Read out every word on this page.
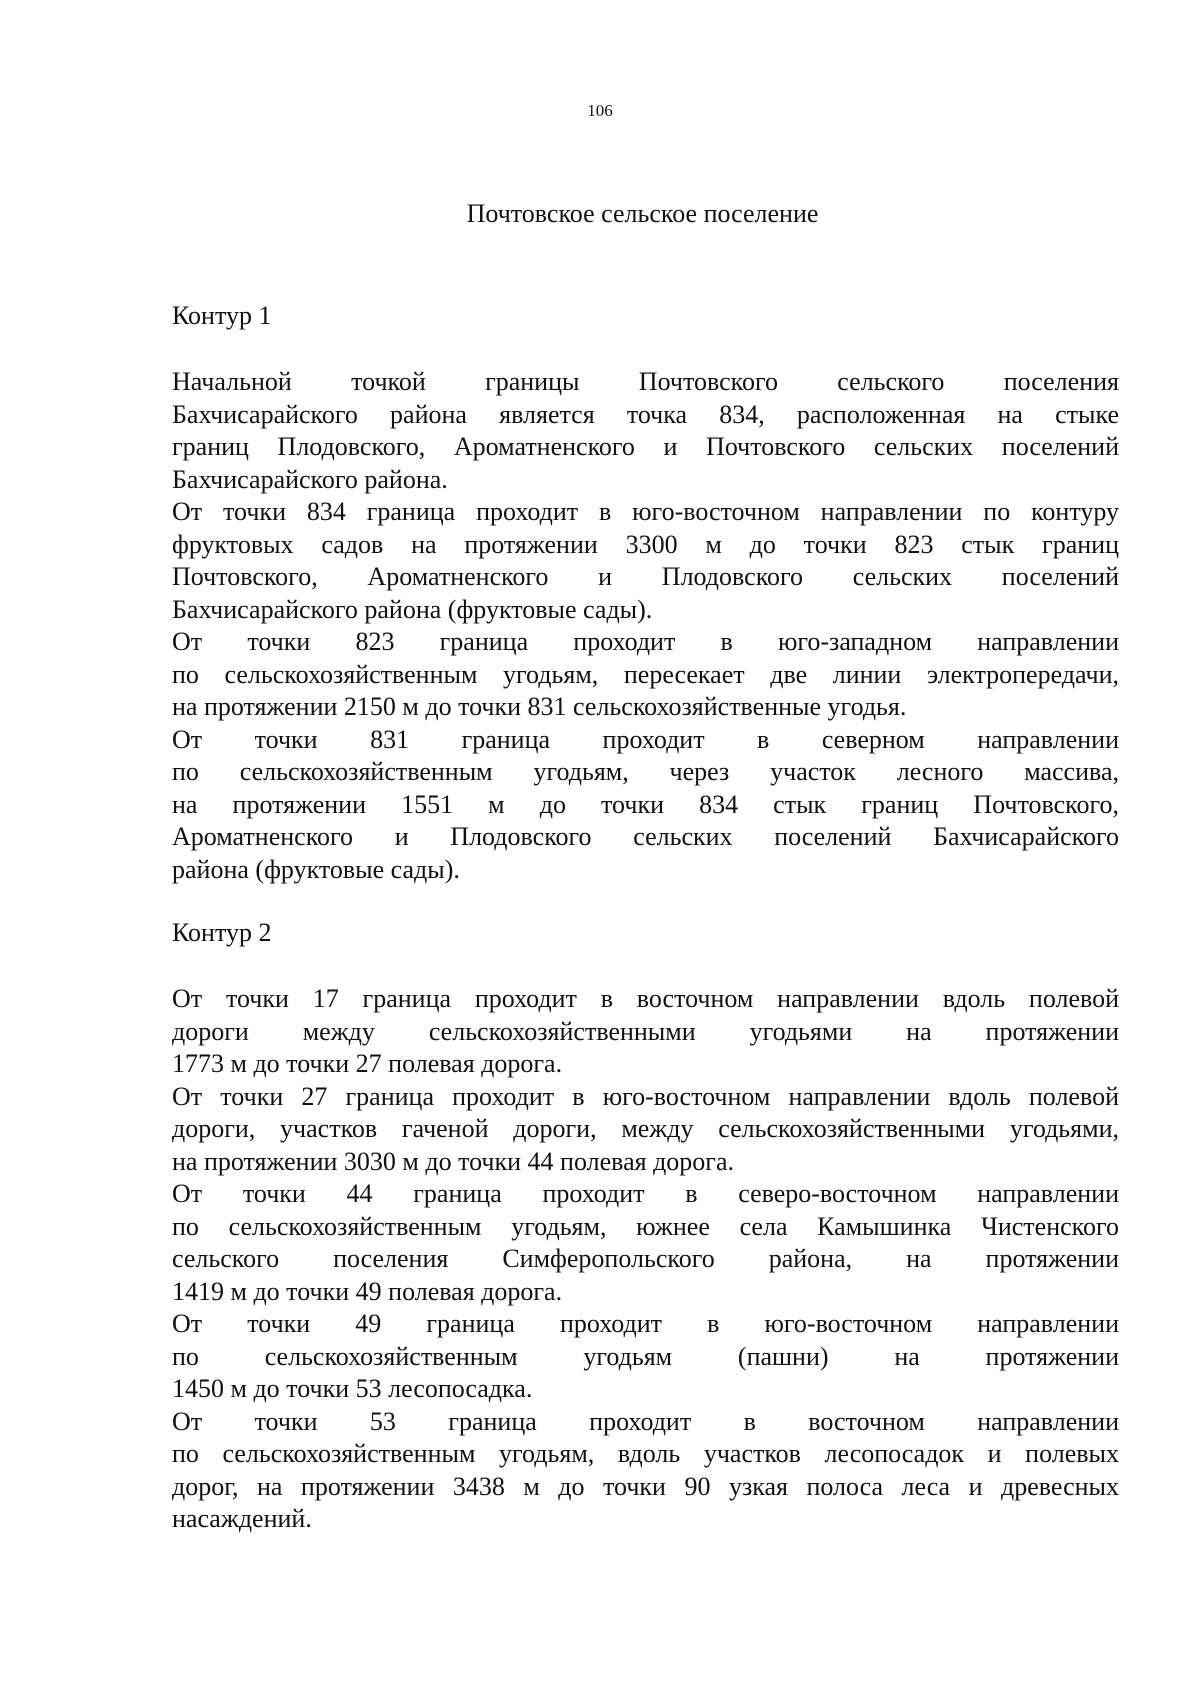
106
Почтовское сельское поселение
Контур 1

Начальной точкой границы Почтовского сельского поселения
Бахчисарайского района является точка 834, расположенная на стыке
границ Плодовского, Ароматненского и Почтовского сельских поселений
Бахчисарайского района.

От точки 834 граница проходит в юго-восточном направлении по контуру
фруктовых садов на протяжении 3300 м до точки 823 стык границ
Почтовского, Ароматненского и Плодовского сельских поселений
Бахчисарайского района (фруктовые сады).

От точки 823 граница проходит в юго-западном направлении
по сельскохозяйственным угодьям, пересекает две линии электропередачи,
на протяжении 2150 м до точки 831 сельскохозяйственные угодья.

От точки 831 граница проходит в северном направлении
по сельскохозяйственным угодьям, через участок лесного массива,
на протяжении 1551 м до точки 834 стык границ Почтовского,
Ароматненского и Плодовского сельских поселений Бахчисарайского
района (фруктовые сады).

Контур 2

От точки 17 граница проходит в восточном направлении вдоль полевой
дороги между сельскохозяйственными угодьями на протяжении
1773 м до точки 27 полевая дорога.

От точки 27 граница проходит в юго-восточном направлении вдоль полевой
дороги, участков гаченой дороги, между сельскохозяйственными угодьями,
на протяжении 3030 м до точки 44 полевая дорога.

От точки 44 граница проходит в северо-восточном направлении
по сельскохозяйственным угодьям, южнее села Камышинка Чистенского
сельского поселения Симферопольского района, на протяжении
1419 м до точки 49 полевая дорога.

От точки 49 граница проходит в юго-восточном направлении
по сельскохозяйственным угодьям (пашни) на протяжении
1450 м до точки 53 лесопосадка.

От точки 53 граница проходит в восточном направлении
по сельскохозяйственным угодьям, вдоль участков лесопосадок и полевых
дорог, на протяжении 3438 м до точки 90 узкая полоса леса и древесных
насаждений.
